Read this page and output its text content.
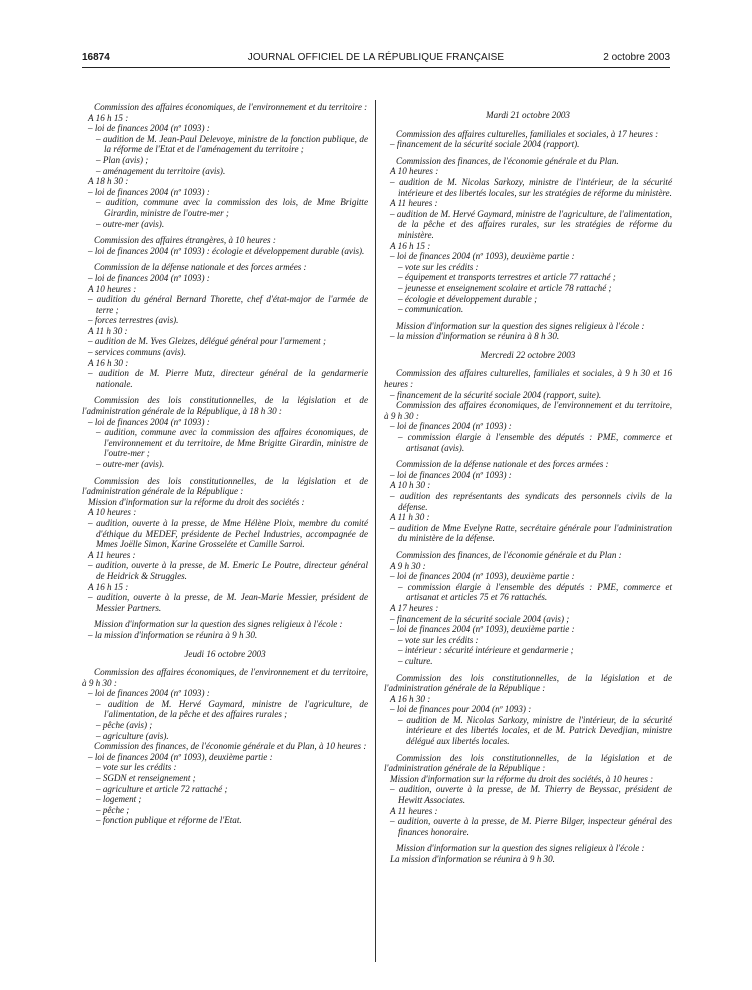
16874	JOURNAL OFFICIEL DE LA RÉPUBLIQUE FRANÇAISE	2 octobre 2003
Commission des affaires économiques, de l'environnement et du territoire :
A 16 h 15 :
– loi de finances 2004 (nº 1093) :
– audition de M. Jean-Paul Delevoye, ministre de la fonction publique, de la réforme de l'Etat et de l'aménagement du territoire ;
– Plan (avis) ;
– aménagement du territoire (avis).
A 18 h 30 :
– loi de finances 2004 (nº 1093) :
– audition, commune avec la commission des lois, de Mme Brigitte Girardin, ministre de l'outre-mer ;
– outre-mer (avis).
Commission des affaires étrangères, à 10 heures :
– loi de finances 2004 (nº 1093) : écologie et développement durable (avis).
Commission de la défense nationale et des forces armées :
– loi de finances 2004 (nº 1093) :
A 10 heures :
– audition du général Bernard Thorette, chef d'état-major de l'armée de terre ;
– forces terrestres (avis).
A 11 h 30 :
– audition de M. Yves Gleizes, délégué général pour l'armement ;
– services communs (avis).
A 16 h 30 :
– audition de M. Pierre Mutz, directeur général de la gendarmerie nationale.
Commission des lois constitutionnelles, de la législation et de l'administration générale de la République, à 18 h 30 :
– loi de finances 2004 (nº 1093) :
– audition, commune avec la commission des affaires économiques, de l'environnement et du territoire, de Mme Brigitte Girardin, ministre de l'outre-mer ;
– outre-mer (avis).
Commission des lois constitutionnelles, de la législation et de l'administration générale de la République :
Mission d'information sur la réforme du droit des sociétés :
A 10 heures :
– audition, ouverte à la presse, de Mme Hélène Ploix, membre du comité d'éthique du MEDEF, présidente de Pechel Industries, accompagnée de Mmes Joëlle Simon, Karine Grosseléte et Camille Sarroi.
A 11 heures :
– audition, ouverte à la presse, de M. Emeric Le Poutre, directeur général de Heidrick & Struggles.
A 16 h 15 :
– audition, ouverte à la presse, de M. Jean-Marie Messier, président de Messier Partners.
Mission d'information sur la question des signes religieux à l'école :
– la mission d'information se réunira à 9 h 30.
Jeudi 16 octobre 2003
Commission des affaires économiques, de l'environnement et du territoire, à 9 h 30 :
– loi de finances 2004 (nº 1093) :
– audition de M. Hervé Gaymard, ministre de l'agriculture, de l'alimentation, de la pêche et des affaires rurales ;
– pêche (avis) ;
– agriculture (avis).
Commission des finances, de l'économie générale et du Plan, à 10 heures :
– loi de finances 2004 (nº 1093), deuxième partie :
– vote sur les crédits :
– SGDN et renseignement ;
– agriculture et article 72 rattaché ;
– logement ;
– pêche ;
– fonction publique et réforme de l'Etat.
Mardi 21 octobre 2003
Commission des affaires culturelles, familiales et sociales, à 17 heures :
– financement de la sécurité sociale 2004 (rapport).
Commission des finances, de l'économie générale et du Plan.
A 10 heures :
– audition de M. Nicolas Sarkozy, ministre de l'intérieur, de la sécurité intérieure et des libertés locales, sur les stratégies de réforme du ministère.
A 11 heures :
– audition de M. Hervé Gaymard, ministre de l'agriculture, de l'alimentation, de la pêche et des affaires rurales, sur les stratégies de réforme du ministère.
A 16 h 15 :
– loi de finances 2004 (nº 1093), deuxième partie :
– vote sur les crédits :
– équipement et transports terrestres et article 77 rattaché ;
– jeunesse et enseignement scolaire et article 78 rattaché ;
– écologie et développement durable ;
– communication.
Mission d'information sur la question des signes religieux à l'école :
– la mission d'information se réunira à 8 h 30.
Mercredi 22 octobre 2003
Commission des affaires culturelles, familiales et sociales, à 9 h 30 et 16 heures :
– financement de la sécurité sociale 2004 (rapport, suite).
Commission des affaires économiques, de l'environnement et du territoire, à 9 h 30 :
– loi de finances 2004 (nº 1093) :
– commission élargie à l'ensemble des députés : PME, commerce et artisanat (avis).
Commission de la défense nationale et des forces armées :
– loi de finances 2004 (nº 1093) :
A 10 h 30 :
– audition des représentants des syndicats des personnels civils de la défense.
A 11 h 30 :
– audition de Mme Evelyne Ratte, secrétaire générale pour l'administration du ministère de la défense.
Commission des finances, de l'économie générale et du Plan :
A 9 h 30 :
– loi de finances 2004 (nº 1093), deuxième partie :
– commission élargie à l'ensemble des députés : PME, commerce et artisanat et articles 75 et 76 rattachés.
A 17 heures :
– financement de la sécurité sociale 2004 (avis) ;
– loi de finances 2004 (nº 1093), deuxième partie :
– vote sur les crédits :
– intérieur : sécurité intérieure et gendarmerie ;
– culture.
Commission des lois constitutionnelles, de la législation et de l'administration générale de la République :
A 16 h 30 :
– loi de finances pour 2004 (nº 1093) :
– audition de M. Nicolas Sarkozy, ministre de l'intérieur, de la sécurité intérieure et des libertés locales, et de M. Patrick Devedjian, ministre délégué aux libertés locales.
Commission des lois constitutionnelles, de la législation et de l'administration générale de la République :
Mission d'information sur la réforme du droit des sociétés, à 10 heures :
– audition, ouverte à la presse, de M. Thierry de Beyssac, président de Hewitt Associates.
A 11 heures :
– audition, ouverte à la presse, de M. Pierre Bilger, inspecteur général des finances honoraire.
Mission d'information sur la question des signes religieux à l'école :
La mission d'information se réunira à 9 h 30.
